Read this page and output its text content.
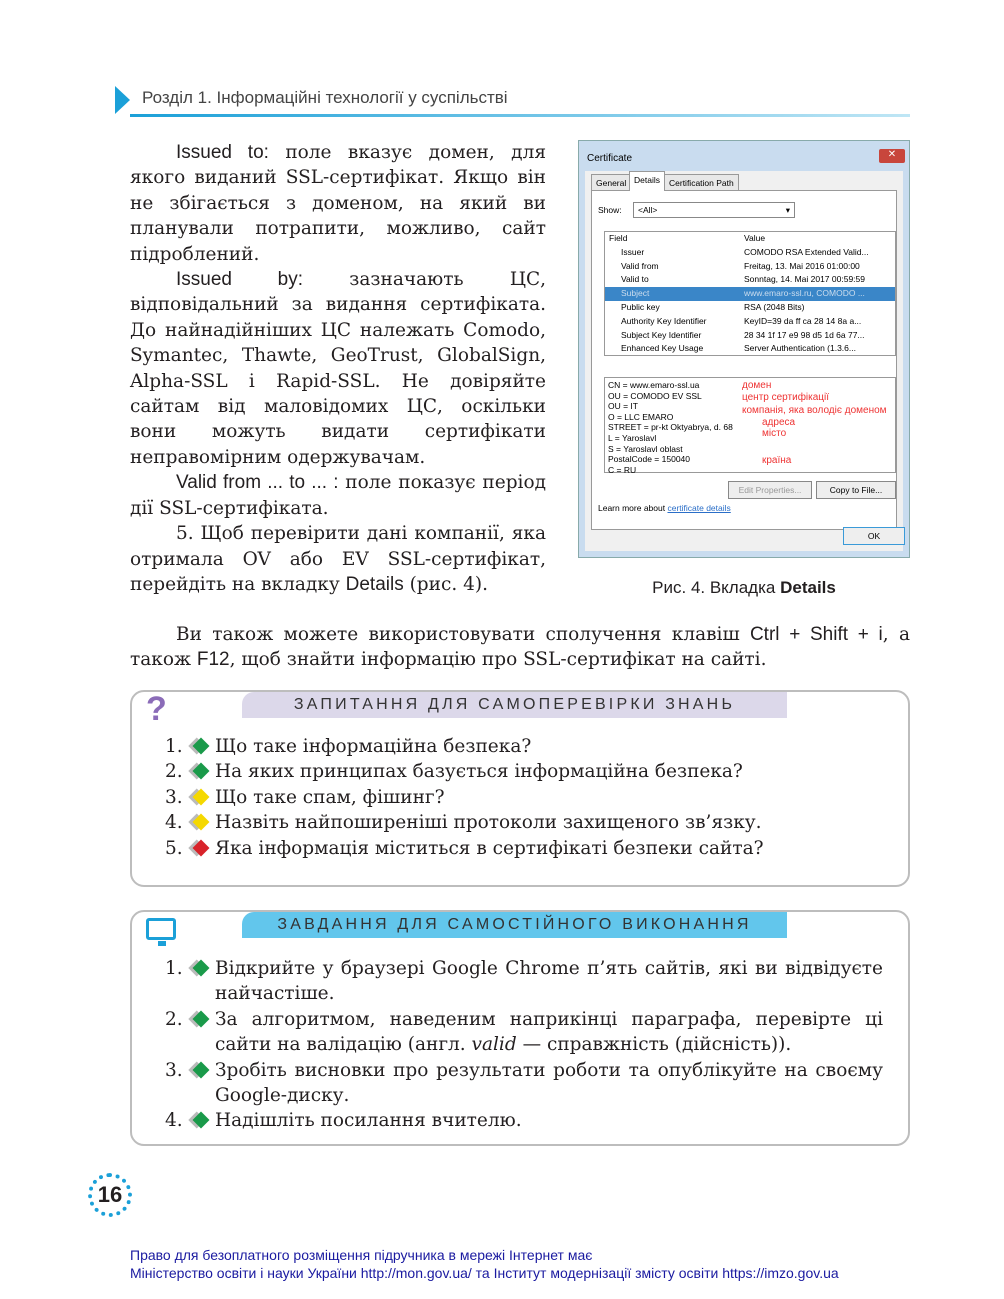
Розділ 1. Інформаційні технології у суспільстві

Issued to: поле вказує домен, для якого виданий SSL-сертифікат. Якщо він не збігається з доменом, на який ви планували потрапити, можливо, сайт підроблений.

Issued by: зазначають ЦС, відповідальний за видання сертифіката. До найнадійніших ЦС належать Comodo, Symantec, Thawte, GeoTrust, GlobalSign, Alpha-SSL і Rapid-SSL. Не довіряйте сайтам від маловідомих ЦС, оскільки вони можуть видати сертифікати неправомірним одержувачам.

Valid from ... to ... : поле показує період дії SSL-сертифіката.

5. Щоб перевірити дані компанії, яка отримала OV або EV SSL-сертифікат, перейдіть на вкладку Details (рис. 4).

Certificate	✕
General Details	Certification Path
Show:	<All>	▾
Field	Value
Issuer	COMODO RSA Extended Valid...
Valid from	Freitag, 13. Mai 2016 01:00:00
Valid to	Sonntag, 14. Mai 2017 00:59:59
Subject	www.emaro-ssl.ru, COMODO ...
Public key	RSA (2048 Bits)
Authority Key Identifier	KeyID=39 da ff ca 28 14 8a a...
Subject Key Identifier	28 34 1f 17 e9 98 d5 1d 6a 77...
Enhanced Key Usage	Server Authentication (1.3.6...
CN = www.emaro-ssl.ua
OU = COMODO EV SSL
OU = IT
O = LLC EMARO
STREET = pr-kt Oktyabrya, d. 68
L = Yaroslavl
S = Yaroslavl oblast
PostalCode = 150040
C = RU
домен
центр сертифікації
компанія, яка володіє доменом
адреса
місто
країна
Edit Properties...	Copy to File...
Learn more about certificate details
OK
Рис. 4. Вкладка Details
Ви також можете використовувати сполучення клавіш Ctrl + Shift + i, а також F12, щоб знайти інформацію про SSL-сертифікат на сайті.
ЗАПИТАННЯ ДЛЯ САМОПЕРЕВІРКИ ЗНАНЬ
?
1.	Що таке інформаційна безпека?
2.	На яких принципах базується інформаційна безпека?
3.	Що таке спам, фішинг?
4.	Назвіть найпоширеніші протоколи захищеного зв’язку.
5.	Яка інформація міститься в сертифікаті безпеки сайта?
ЗАВДАННЯ ДЛЯ САМОСТІЙНОГО ВИКОНАННЯ
1.	Відкрийте у браузері Google Chrome п’ять сайтів, які ви відвідуєте найчастіше.
2.	За алгоритмом, наведеним наприкінці параграфа, перевірте ці сайти на валідацію (англ. valid — справжність (дійсність)).
3.	Зробіть висновки про результати роботи та опублікуйте на своєму Google-диску.
4.	Надішліть посилання вчителю.
16
Право для безоплатного розміщення підручника в мережі Інтернет має
Міністерство освіти і науки України http://mon.gov.ua/ та Інститут модернізації змісту освіти https://imzo.gov.ua
